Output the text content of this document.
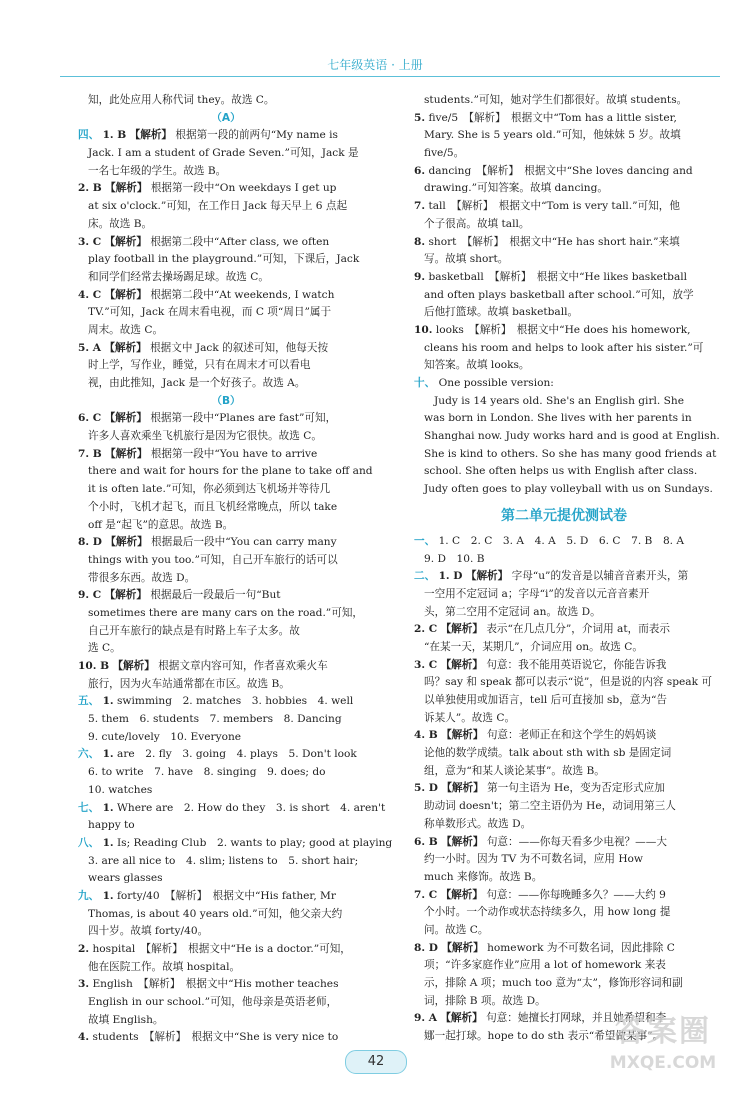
七年级英语 · 上册
知，此处应用人称代词 they。故选 C。
（A）
四、 1. B 【解析】 根据第一段的前两句“My name is
Jack. I am a student of Grade Seven.”可知，Jack 是
一名七年级的学生。故选 B。
2. B 【解析】 根据第一段中“On weekdays I get up
at six o'clock.”可知，在工作日 Jack 每天早上 6 点起
床。故选 B。
3. C 【解析】 根据第二段中“After class, we often
play football in the playground.”可知，下课后，Jack
和同学们经常去操场踢足球。故选 C。
4. C 【解析】 根据第二段中“At weekends, I watch
TV.”可知，Jack 在周末看电视，而 C 项“周日”属于
周末。故选 C。
5. A 【解析】 根据文中 Jack 的叙述可知，他每天按
时上学，写作业，睡觉，只有在周末才可以看电
视，由此推知，Jack 是一个好孩子。故选 A。
（B）
6. C 【解析】 根据第一段中“Planes are fast”可知，
许多人喜欢乘坐飞机旅行是因为它很快。故选 C。
7. B 【解析】 根据第一段中“You have to arrive
there and wait for hours for the plane to take off and
it is often late.”可知，你必须到达飞机场并等待几
个小时，飞机才起飞，而且飞机经常晚点，所以 take
off 是“起飞”的意思。故选 B。
8. D 【解析】 根据最后一段中“You can carry many
things with you too.”可知，自己开车旅行的话可以
带很多东西。故选 D。
9. C 【解析】 根据最后一段最后一句“But
sometimes there are many cars on the road.”可知，
自己开车旅行的缺点是有时路上车子太多。故
选 C。
10. B 【解析】 根据文章内容可知，作者喜欢乘火车
旅行，因为火车站通常都在市区。故选 B。
五、 1. swimming　2. matches　3. hobbies　4. well
5. them　6. students　7. members　8. Dancing
9. cute/lovely　10. Everyone
六、 1. are　2. fly　3. going　4. plays　5. Don't look
6. to write　7. have　8. singing　9. does; do
10. watches
七、 1. Where are　2. How do they　3. is short　4. aren't
happy to
八、 1. Is; Reading Club　2. wants to play; good at playing
3. are all nice to　4. slim; listens to　5. short hair;
wears glasses
九、 1. forty/40　【解析】　根据文中“His father, Mr
Thomas, is about 40 years old.”可知，他父亲大约
四十岁。故填 forty/40。
2. hospital　【解析】　根据文中“He is a doctor.”可知，
他在医院工作。故填 hospital。
3. English　【解析】　根据文中“His mother teaches
English in our school.”可知，他母亲是英语老师，
故填 English。
4. students　【解析】　根据文中“She is very nice to
students.”可知，她对学生们都很好。故填 students。
5. five/5　【解析】　根据文中“Tom has a little sister,
Mary. She is 5 years old.”可知，他妹妹 5 岁。故填
five/5。
6. dancing　【解析】　根据文中“She loves dancing and
drawing.”可知答案。故填 dancing。
7. tall　【解析】　根据文中“Tom is very tall.”可知，他
个子很高。故填 tall。
8. short　【解析】　根据文中“He has short hair.”来填
写。故填 short。
9. basketball　【解析】　根据文中“He likes basketball
and often plays basketball after school.”可知，放学
后他打篮球。故填 basketball。
10. looks　【解析】　根据文中“He does his homework,
cleans his room and helps to look after his sister.”可
知答案。故填 looks。
十、 One possible version:
Judy is 14 years old. She's an English girl. She
was born in London. She lives with her parents in
Shanghai now. Judy works hard and is good at English.
She is kind to others. So she has many good friends at
school. She often helps us with English after class.
Judy often goes to play volleyball with us on Sundays.
第二单元提优测试卷
一、 1. C　2. C　3. A　4. A　5. D　6. C　7. B　8. A
9. D　10. B
二、 1. D 【解析】 字母“u”的发音是以辅音音素开头，第
一空用不定冠词 a；字母“i”的发音以元音音素开
头，第二空用不定冠词 an。故选 D。
2. C 【解析】 表示“在几点几分”，介词用 at，而表示
“在某一天，某期几”，介词应用 on。故选 C。
3. C 【解析】 句意：我不能用英语说它，你能告诉我
吗？say 和 speak 都可以表示“说”，但是说的内容 speak 可
以单独使用或加语言，tell 后可直接加 sb，意为“告
诉某人”。故选 C。
4. B 【解析】 句意：老师正在和这个学生的妈妈谈
论他的数学成绩。talk about sth with sb 是固定词
组，意为“和某人谈论某事”。故选 B。
5. D 【解析】 第一句主语为 He，变为否定形式应加
助动词 doesn't；第二空主语仍为 He，动词用第三人
称单数形式。故选 D。
6. B 【解析】 句意：——你每天看多少电视？——大
约一小时。因为 TV 为不可数名词，应用 How
much 来修饰。故选 B。
7. C 【解析】 句意：——你每晚睡多久？——大约 9
个小时。一个动作或状态持续多久，用 how long 提
问。故选 C。
8. D 【解析】 homework 为不可数名词，因此排除 C
项；“许多家庭作业”应用 a lot of homework 来表
示，排除 A 项；much too 意为“太”，修饰形容词和副
词，排除 B 项。故选 D。
9. A 【解析】 句意：她擅长打网球，并且她希望和李
娜一起打球。hope to do sth 表示“希望做某事”。
42
答案圈
MXQE.COM
